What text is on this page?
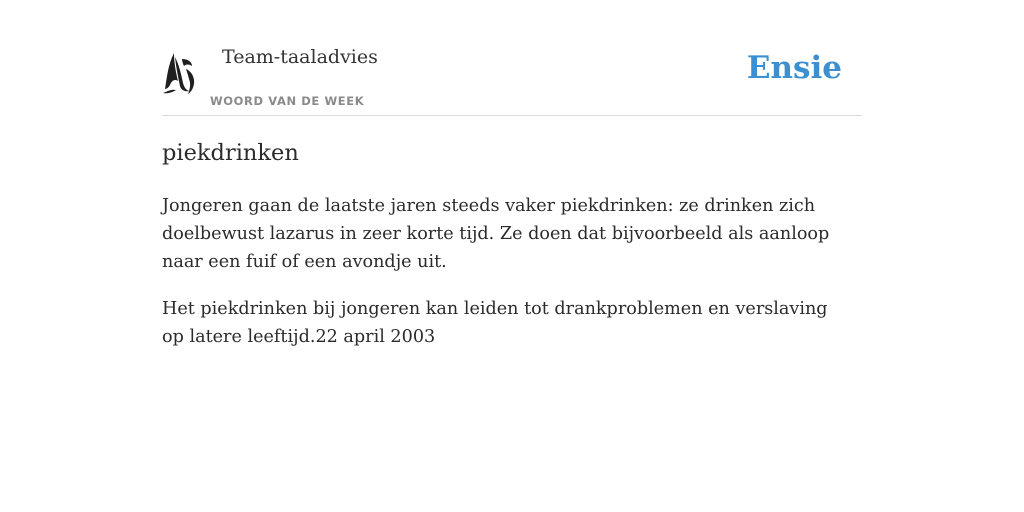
Team-taaladvies
WOORD VAN DE WEEK
Ensie
piekdrinken

Jongeren gaan de laatste jaren steeds vaker piekdrinken: ze drinken zich doelbewust lazarus in zeer korte tijd. Ze doen dat bijvoorbeeld als aanloop naar een fuif of een avondje uit.

Het piekdrinken bij jongeren kan leiden tot drankproblemen en verslaving op latere leeftijd.22 april 2003
